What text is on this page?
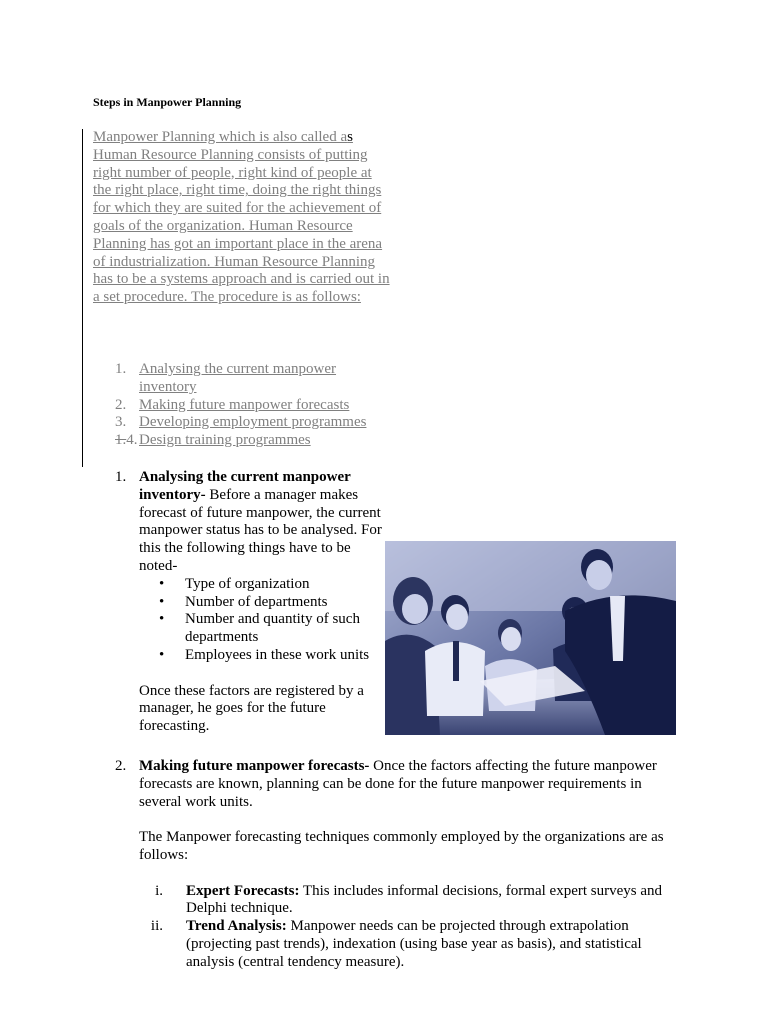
Steps in Manpower Planning
Manpower Planning which is also called as Human Resource Planning consists of putting right number of people, right kind of people at the right place, right time, doing the right things for which they are suited for the achievement of goals of the organization. Human Resource Planning has got an important place in the arena of industrialization. Human Resource Planning has to be a systems approach and is carried out in a set procedure. The procedure is as follows:
1. Analysing the current manpower inventory
2. Making future manpower forecasts
3. Developing employment programmes
1.4. Design training programmes
1. Analysing the current manpower inventory- Before a manager makes forecast of future manpower, the current manpower status has to be analysed. For this the following things have to be noted-

• Type of organization
• Number of departments
• Number and quantity of such departments
• Employees in these work units

Once these factors are registered by a manager, he goes for the future forecasting.

2. Making future manpower forecasts- Once the factors affecting the future manpower forecasts are known, planning can be done for the future manpower requirements in several work units.

The Manpower forecasting techniques commonly employed by the organizations are as follows:

i. Expert Forecasts: This includes informal decisions, formal expert surveys and Delphi technique.
ii. Trend Analysis: Manpower needs can be projected through extrapolation (projecting past trends), indexation (using base year as basis), and statistical analysis (central tendency measure).
